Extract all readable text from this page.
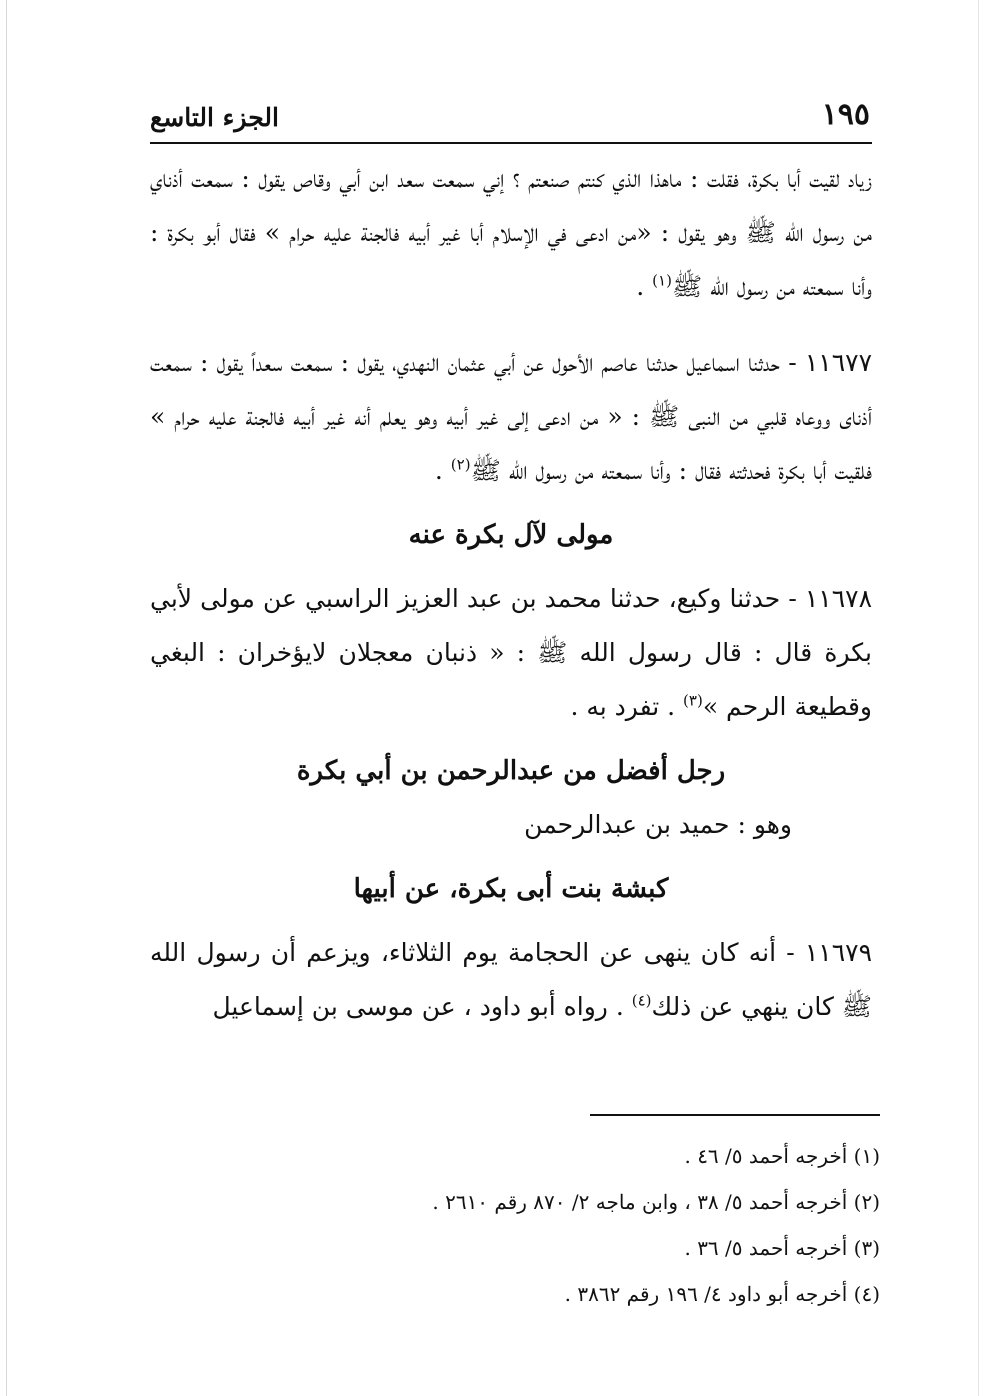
١٩٥
الجزء التاسع

زياد لقيت أبا بكرة، فقلت : ماهذا الذي كنتم صنعتم ؟ إني سمعت سعد ابن أبي وقاص يقول : سمعت أذناي من رسول الله ﷺ وهو يقول : «من ادعى في الإسلام أبا غير أبيه فالجنة عليه حرام » فقال أبو بكرة : وأنا سمعته من رسول الله ﷺ$^{(١)}$ .

١١٦٧٧ - حدثنا اسماعيل حدثنا عاصم الأحول عن أبي عثمان النهدي، يقول : سمعت سعداً يقول : سمعت أذناى ووعاه قلبي من النبى ﷺ : « من ادعى إلى غير أبيه وهو يعلم أنه غير أبيه فالجنة عليه حرام » فلقيت أبا بكرة فحدثته فقال : وأنا سمعته من رسول الله ﷺ$^{(٢)}$ .

مولى لآل بكرة عنه

١١٦٧٨ - حدثنا وكيع، حدثنا محمد بن عبد العزيز الراسبي عن مولى لأبي بكرة قال : قال رسول الله ﷺ : « ذنبان معجلان لايؤخران : البغي وقطيعة الرحم »$^{(٣)}$ . تفرد به .

رجل أفضل من عبدالرحمن بن أبي بكرة
وهو : حميد بن عبدالرحمن
كبشة بنت أبى بكرة، عن أبيها

١١٦٧٩ - أنه كان ينهى عن الحجامة يوم الثلاثاء، ويزعم أن رسول الله ﷺ كان ينهي عن ذلك$^{(٤)}$ . رواه أبو داود ، عن موسى بن إسماعيل

(١) أخرجه أحمد ٥/ ٤٦ .

(٢) أخرجه أحمد ٥/ ٣٨ ، وابن ماجه ٢/ ٨٧٠ رقم ٢٦١٠ .

(٣) أخرجه أحمد ٥/ ٣٦ .

(٤) أخرجه أبو داود ٤/ ١٩٦ رقم ٣٨٦٢ .
